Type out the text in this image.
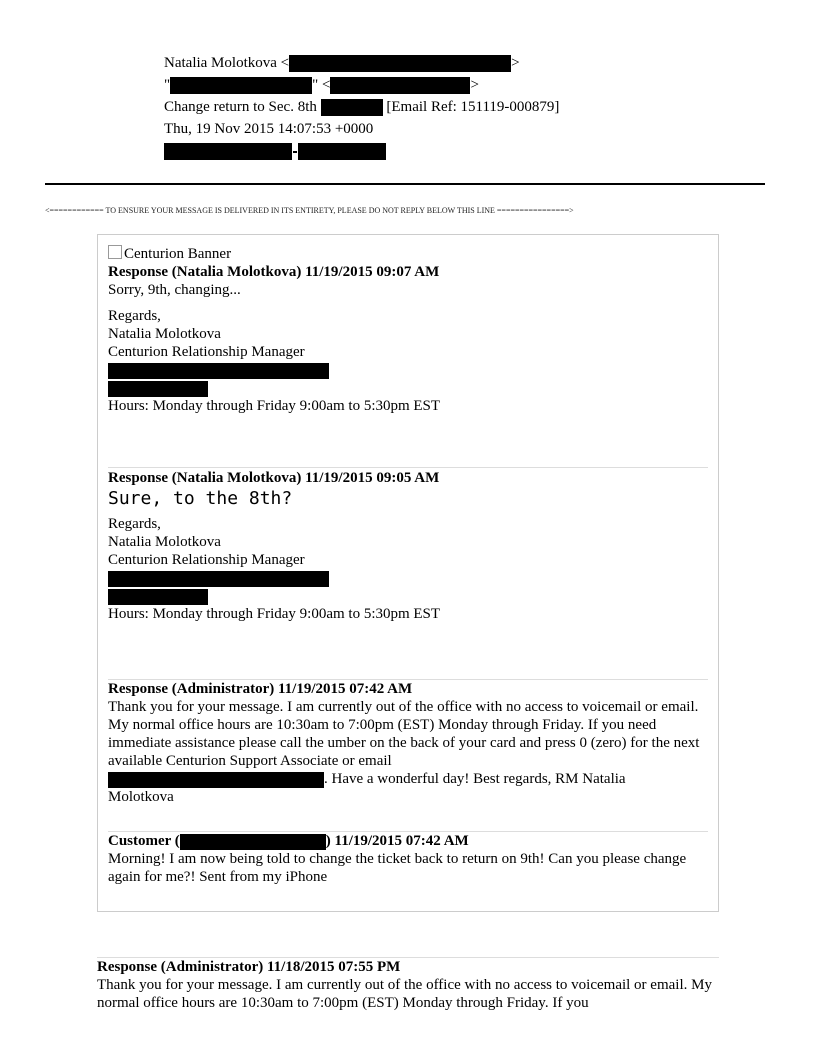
Natalia Molotkova <	>
"	" <	>
Change return to Sec. 8th	[Email Ref: 151119-000879]
Thu, 19 Nov 2015 14:07:53 +0000
<============ TO ENSURE YOUR MESSAGE IS DELIVERED IN ITS ENTIRETY, PLEASE DO NOT REPLY BELOW THIS LINE ================>
Centurion Banner
Response (Natalia Molotkova) 11/19/2015 09:07 AM
Sorry, 9th, changing...
Regards,
Natalia Molotkova
Centurion Relationship Manager
Hours: Monday through Friday 9:00am to 5:30pm EST
Response (Natalia Molotkova) 11/19/2015 09:05 AM
Sure, to the 8th?
Regards,
Natalia Molotkova
Centurion Relationship Manager
Hours: Monday through Friday 9:00am to 5:30pm EST
Response (Administrator) 11/19/2015 07:42 AM
Thank you for your message. I am currently out of the office with no access to voicemail or email. My normal office hours are 10:30am to 7:00pm (EST) Monday through Friday. If you need immediate assistance please call the umber on the back of your card and press 0 (zero) for the next available Centurion Support Associate or email
. Have a wonderful day! Best regards, RM Natalia
Molotkova
Customer (	) 11/19/2015 07:42 AM
Morning! I am now being told to change the ticket back to return on 9th! Can you please change again for me?! Sent from my iPhone
Response (Administrator) 11/18/2015 07:55 PM
Thank you for your message. I am currently out of the office with no access to voicemail or email. My normal office hours are 10:30am to 7:00pm (EST) Monday through Friday. If you
